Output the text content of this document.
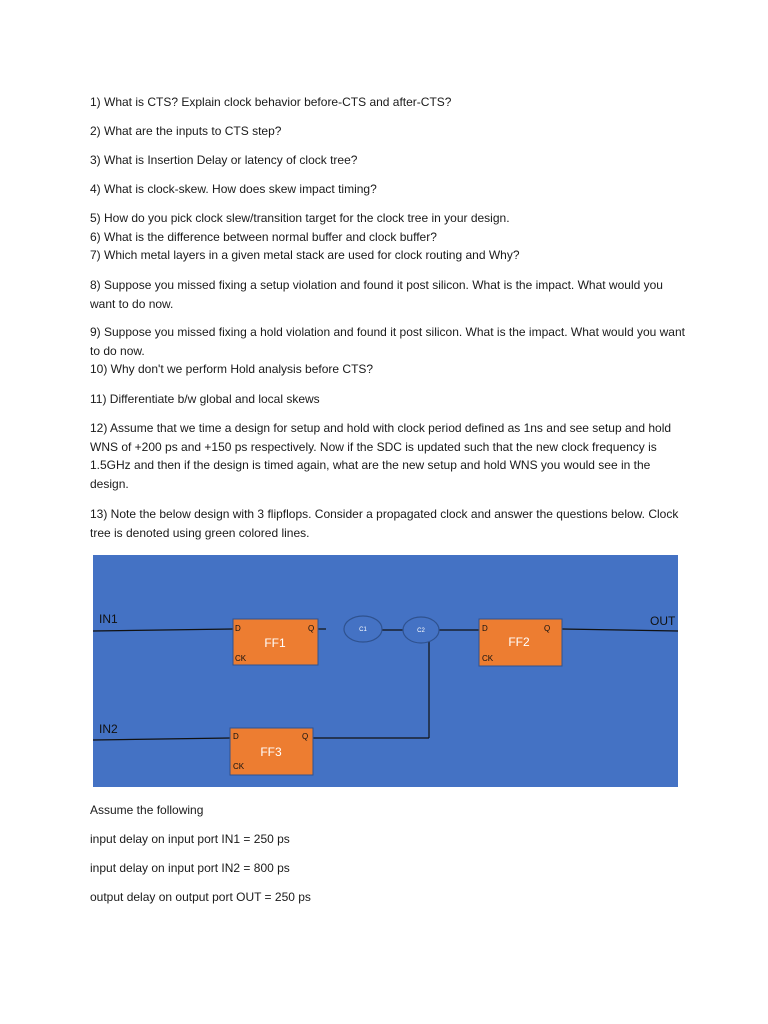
1) What is CTS? Explain clock behavior before-CTS and after-CTS?
2) What are the inputs to CTS step?
3) What is Insertion Delay or latency of clock tree?
4) What is clock-skew. How does skew impact timing?
5) How do you pick clock slew/transition target for the clock tree in your design.
6) What is the difference between normal buffer and clock buffer?
7) Which metal layers in a given metal stack are used for clock routing and Why?
8) Suppose you missed fixing a setup violation and found it post silicon. What is the impact. What would you want to do now.
9) Suppose you missed fixing a hold violation and found it post silicon. What is the impact. What would you want to do now.
10) Why don't we perform Hold analysis before CTS?
11) Differentiate b/w global and local skews
12) Assume that we time a design for setup and hold with clock period defined as 1ns and see setup and hold WNS of +200 ps and +150 ps respectively. Now if the SDC is updated such that the new clock frequency is 1.5GHz and then if the design is timed again, what are the new setup and hold WNS you would see in the design.
13) Note the below design with 3 flipflops. Consider a propagated clock and answer the questions below. Clock tree is denoted using green colored lines.
FF1
D	Q
CK
FF2
D	Q
CK
FF3
D	Q
CK
C1	C2
IN1
IN2
OUT
Assume the following
input delay on input port IN1 = 250 ps
input delay on input port IN2 = 800 ps
output delay on output port OUT = 250 ps
